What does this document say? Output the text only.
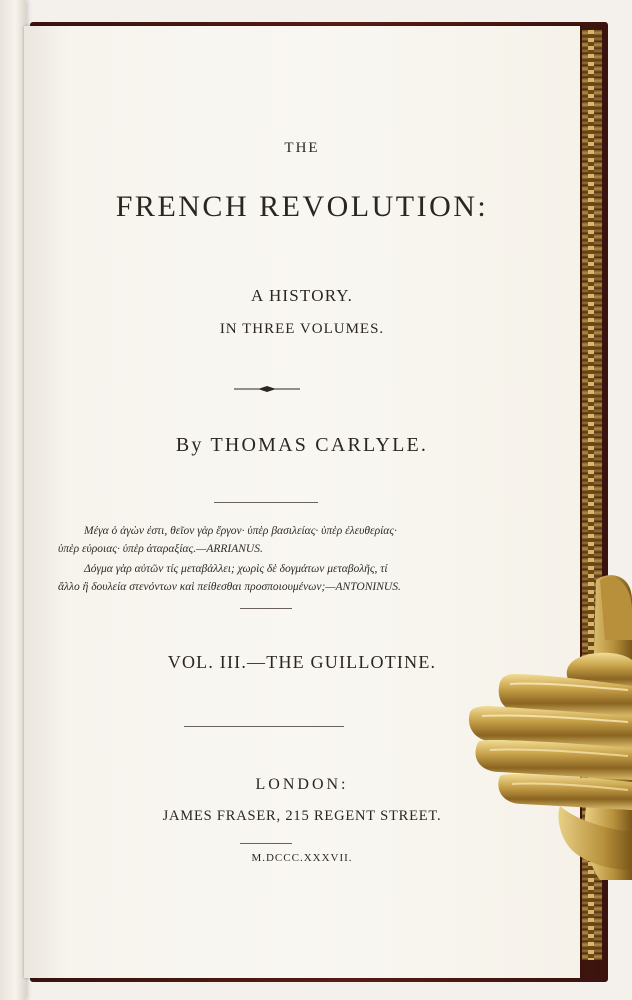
THE
FRENCH REVOLUTION:
A HISTORY.
IN THREE VOLUMES.
By THOMAS CARLYLE.
Μέγα ὁ ἀγὼν ἐστι, θεῖον γὰρ ἔργον· ὑπὲρ βασιλείας· ὑπὲρ ἐλευθερίας·
ὑπὲρ εὐροιας· ὑπὲρ ἀταραξίας.—ARRIANUS.
Δόγμα γὰρ αὐτῶν τίς μεταβάλλει; χωρὶς δὲ δογμάτων μεταβολῆς, τί
ἄλλο ἢ δουλεία στενόντων καὶ πείθεσθαι προσποιουμένων;—ANTONINUS.
VOL. III.—THE GUILLOTINE.
LONDON:
JAMES FRASER, 215 REGENT STREET.
M.DCCC.XXXVII.
